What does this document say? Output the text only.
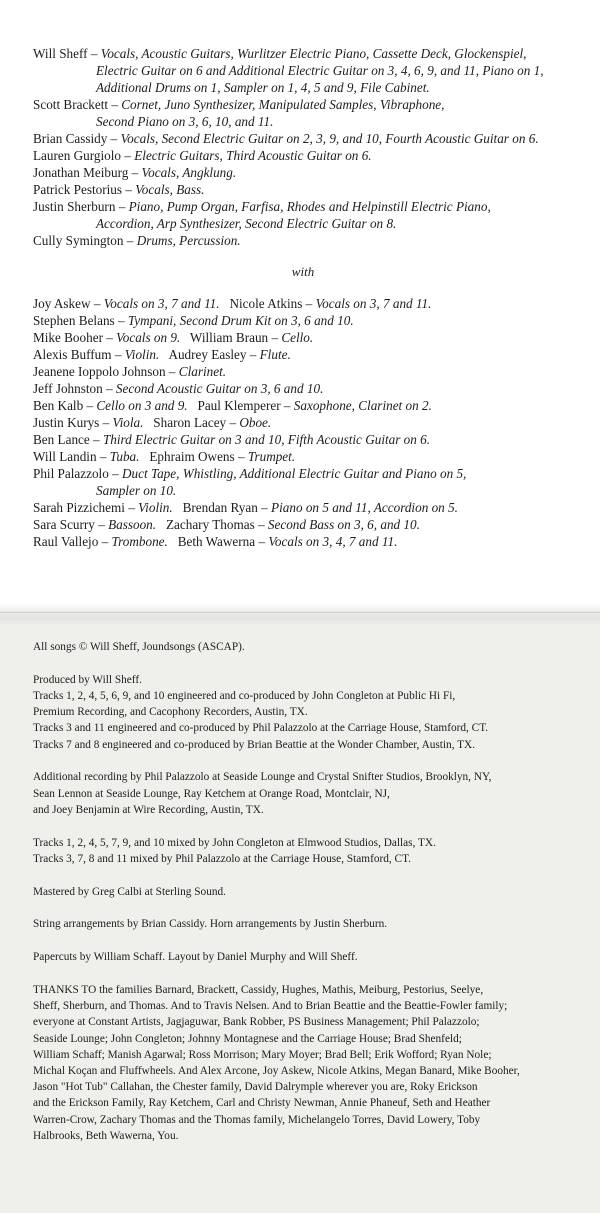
Will Sheff – Vocals, Acoustic Guitars, Wurlitzer Electric Piano, Cassette Deck, Glockenspiel,

Electric Guitar on 6 and Additional Electric Guitar on 3, 4, 6, 9, and 11, Piano on 1,

Additional Drums on 1, Sampler on 1, 4, 5 and 9, File Cabinet.

Scott Brackett – Cornet, Juno Synthesizer, Manipulated Samples, Vibraphone,

Second Piano on 3, 6, 10, and 11.

Brian Cassidy – Vocals, Second Electric Guitar on 2, 3, 9, and 10, Fourth Acoustic Guitar on 6.

Lauren Gurgiolo – Electric Guitars, Third Acoustic Guitar on 6.

Jonathan Meiburg – Vocals, Angklung.

Patrick Pestorius – Vocals, Bass.

Justin Sherburn – Piano, Pump Organ, Farfisa, Rhodes and Helpinstill Electric Piano,

Accordion, Arp Synthesizer, Second Electric Guitar on 8.

Cully Symington – Drums, Percussion.

with

Joy Askew – Vocals on 3, 7 and 11. Nicole Atkins – Vocals on 3, 7 and 11.

Stephen Belans – Tympani, Second Drum Kit on 3, 6 and 10.

Mike Booher – Vocals on 9. William Braun – Cello.

Alexis Buffum – Violin. Audrey Easley – Flute.

Jeanene Ioppolo Johnson – Clarinet.

Jeff Johnston – Second Acoustic Guitar on 3, 6 and 10.

Ben Kalb – Cello on 3 and 9. Paul Klemperer – Saxophone, Clarinet on 2.

Justin Kurys – Viola. Sharon Lacey – Oboe.

Ben Lance – Third Electric Guitar on 3 and 10, Fifth Acoustic Guitar on 6.

Will Landin – Tuba. Ephraim Owens – Trumpet.

Phil Palazzolo – Duct Tape, Whistling, Additional Electric Guitar and Piano on 5,

Sampler on 10.

Sarah Pizzichemi – Violin. Brendan Ryan – Piano on 5 and 11, Accordion on 5.

Sara Scurry – Bassoon. Zachary Thomas – Second Bass on 3, 6, and 10.

Raul Vallejo – Trombone. Beth Wawerna – Vocals on 3, 4, 7 and 11.

All songs © Will Sheff, Joundsongs (ASCAP).

Produced by Will Sheff.
Tracks 1, 2, 4, 5, 6, 9, and 10 engineered and co-produced by John Congleton at Public Hi Fi,
Premium Recording, and Cacophony Recorders, Austin, TX.
Tracks 3 and 11 engineered and co-produced by Phil Palazzolo at the Carriage House, Stamford, CT.
Tracks 7 and 8 engineered and co-produced by Brian Beattie at the Wonder Chamber, Austin, TX.

Additional recording by Phil Palazzolo at Seaside Lounge and Crystal Snifter Studios, Brooklyn, NY,
Sean Lennon at Seaside Lounge, Ray Ketchem at Orange Road, Montclair, NJ,
and Joey Benjamin at Wire Recording, Austin, TX.

Tracks 1, 2, 4, 5, 7, 9, and 10 mixed by John Congleton at Elmwood Studios, Dallas, TX.
Tracks 3, 7, 8 and 11 mixed by Phil Palazzolo at the Carriage House, Stamford, CT.

Mastered by Greg Calbi at Sterling Sound.

String arrangements by Brian Cassidy. Horn arrangements by Justin Sherburn.

Papercuts by William Schaff. Layout by Daniel Murphy and Will Sheff.

THANKS TO the families Barnard, Brackett, Cassidy, Hughes, Mathis, Meiburg, Pestorius, Seelye,
Sheff, Sherburn, and Thomas. And to Travis Nelsen. And to Brian Beattie and the Beattie-Fowler family;
everyone at Constant Artists, Jagjaguwar, Bank Robber, PS Business Management; Phil Palazzolo;
Seaside Lounge; John Congleton; Johnny Montagnese and the Carriage House; Brad Shenfeld;
William Schaff; Manish Agarwal; Ross Morrison; Mary Moyer; Brad Bell; Erik Wofford; Ryan Nole;
Michal Koçan and Fluffwheels. And Alex Arcone, Joy Askew, Nicole Atkins, Megan Banard, Mike Booher,
Jason "Hot Tub" Callahan, the Chester family, David Dalrymple wherever you are, Roky Erickson
and the Erickson Family, Ray Ketchem, Carl and Christy Newman, Annie Phaneuf, Seth and Heather
Warren-Crow, Zachary Thomas and the Thomas family, Michelangelo Torres, David Lowery, Toby
Halbrooks, Beth Wawerna, You.
